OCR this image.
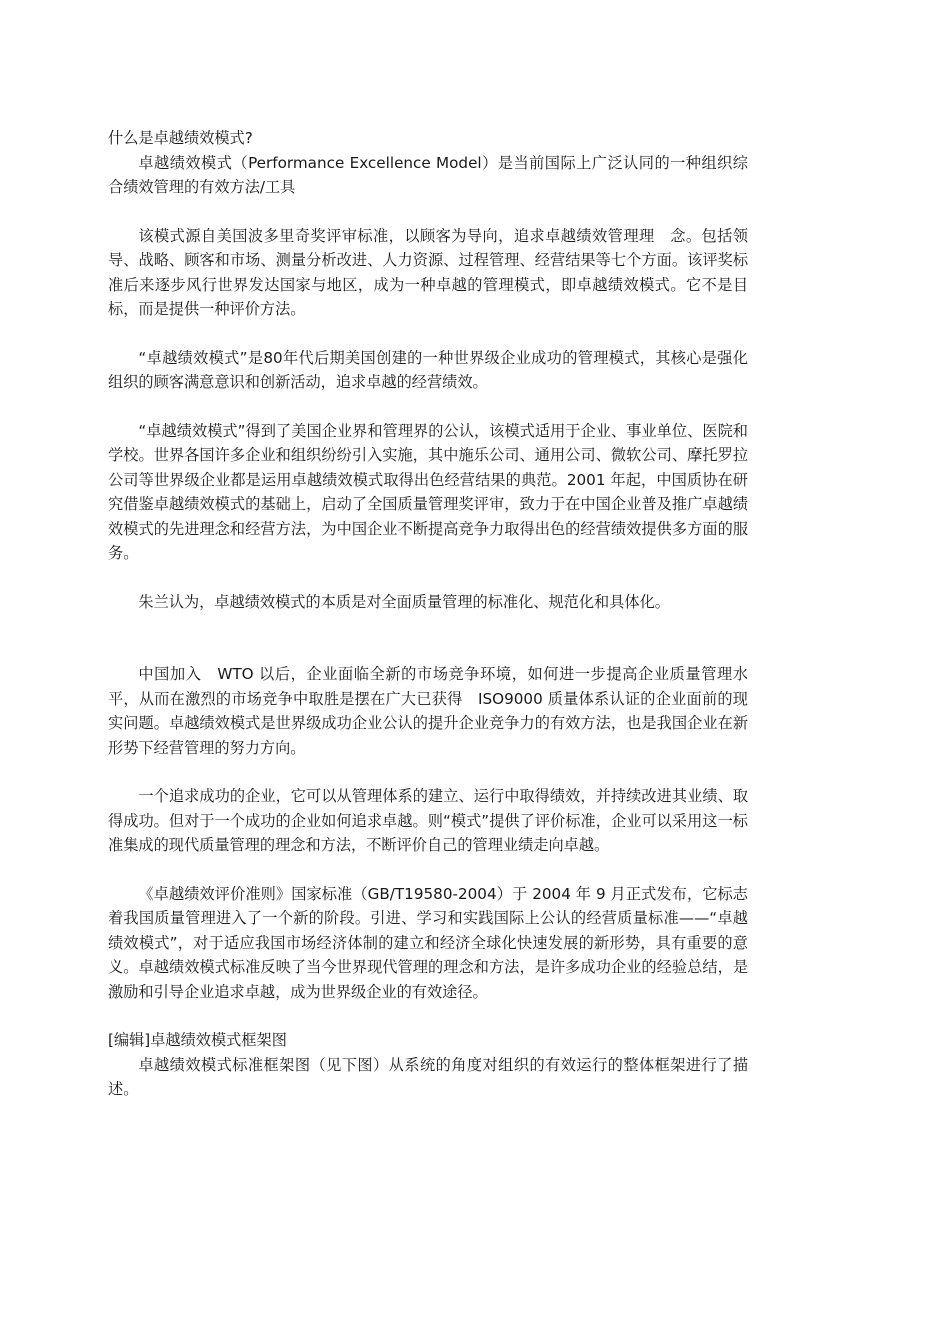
什么是卓越绩效模式?

卓越绩效模式（Performance Excellence Model）是当前国际上广泛认同的一种组织综合绩效管理的有效方法/工具

该模式源自美国波多里奇奖评审标准，以顾客为导向，追求卓越绩效管理理　念。包括领导、战略、顾客和市场、测量分析改进、人力资源、过程管理、经营结果等七个方面。该评奖标准后来逐步风行世界发达国家与地区，成为一种卓越的管理模式，即卓越绩效模式。它不是目标，而是提供一种评价方法。

“卓越绩效模式”是80年代后期美国创建的一种世界级企业成功的管理模式，其核心是强化组织的顾客满意意识和创新活动，追求卓越的经营绩效。

“卓越绩效模式”得到了美国企业界和管理界的公认，该模式适用于企业、事业单位、医院和学校。世界各国许多企业和组织纷纷引入实施，其中施乐公司、通用公司、微软公司、摩托罗拉公司等世界级企业都是运用卓越绩效模式取得出色经营结果的典范。2001 年起，中国质协在研究借鉴卓越绩效模式的基础上，启动了全国质量管理奖评审，致力于在中国企业普及推广卓越绩效模式的先进理念和经营方法，为中国企业不断提高竞争力取得出色的经营绩效提供多方面的服务。

朱兰认为，卓越绩效模式的本质是对全面质量管理的标准化、规范化和具体化。

中国加入　WTO 以后，企业面临全新的市场竞争环境，如何进一步提高企业质量管理水平，从而在激烈的市场竞争中取胜是摆在广大已获得　ISO9000 质量体系认证的企业面前的现实问题。卓越绩效模式是世界级成功企业公认的提升企业竞争力的有效方法，也是我国企业在新形势下经营管理的努力方向。

一个追求成功的企业，它可以从管理体系的建立、运行中取得绩效，并持续改进其业绩、取得成功。但对于一个成功的企业如何追求卓越。则“模式”提供了评价标准，企业可以采用这一标准集成的现代质量管理的理念和方法，不断评价自己的管理业绩走向卓越。

《卓越绩效评价准则》国家标准（GB/T19580-2004）于 2004 年 9 月正式发布，它标志着我国质量管理进入了一个新的阶段。引进、学习和实践国际上公认的经营质量标准——“卓越绩效模式”，对于适应我国市场经济体制的建立和经济全球化快速发展的新形势，具有重要的意义。卓越绩效模式标准反映了当今世界现代管理的理念和方法，是许多成功企业的经验总结，是激励和引导企业追求卓越，成为世界级企业的有效途径。

[编辑]卓越绩效模式框架图

卓越绩效模式标准框架图（见下图）从系统的角度对组织的有效运行的整体框架进行了描述。
